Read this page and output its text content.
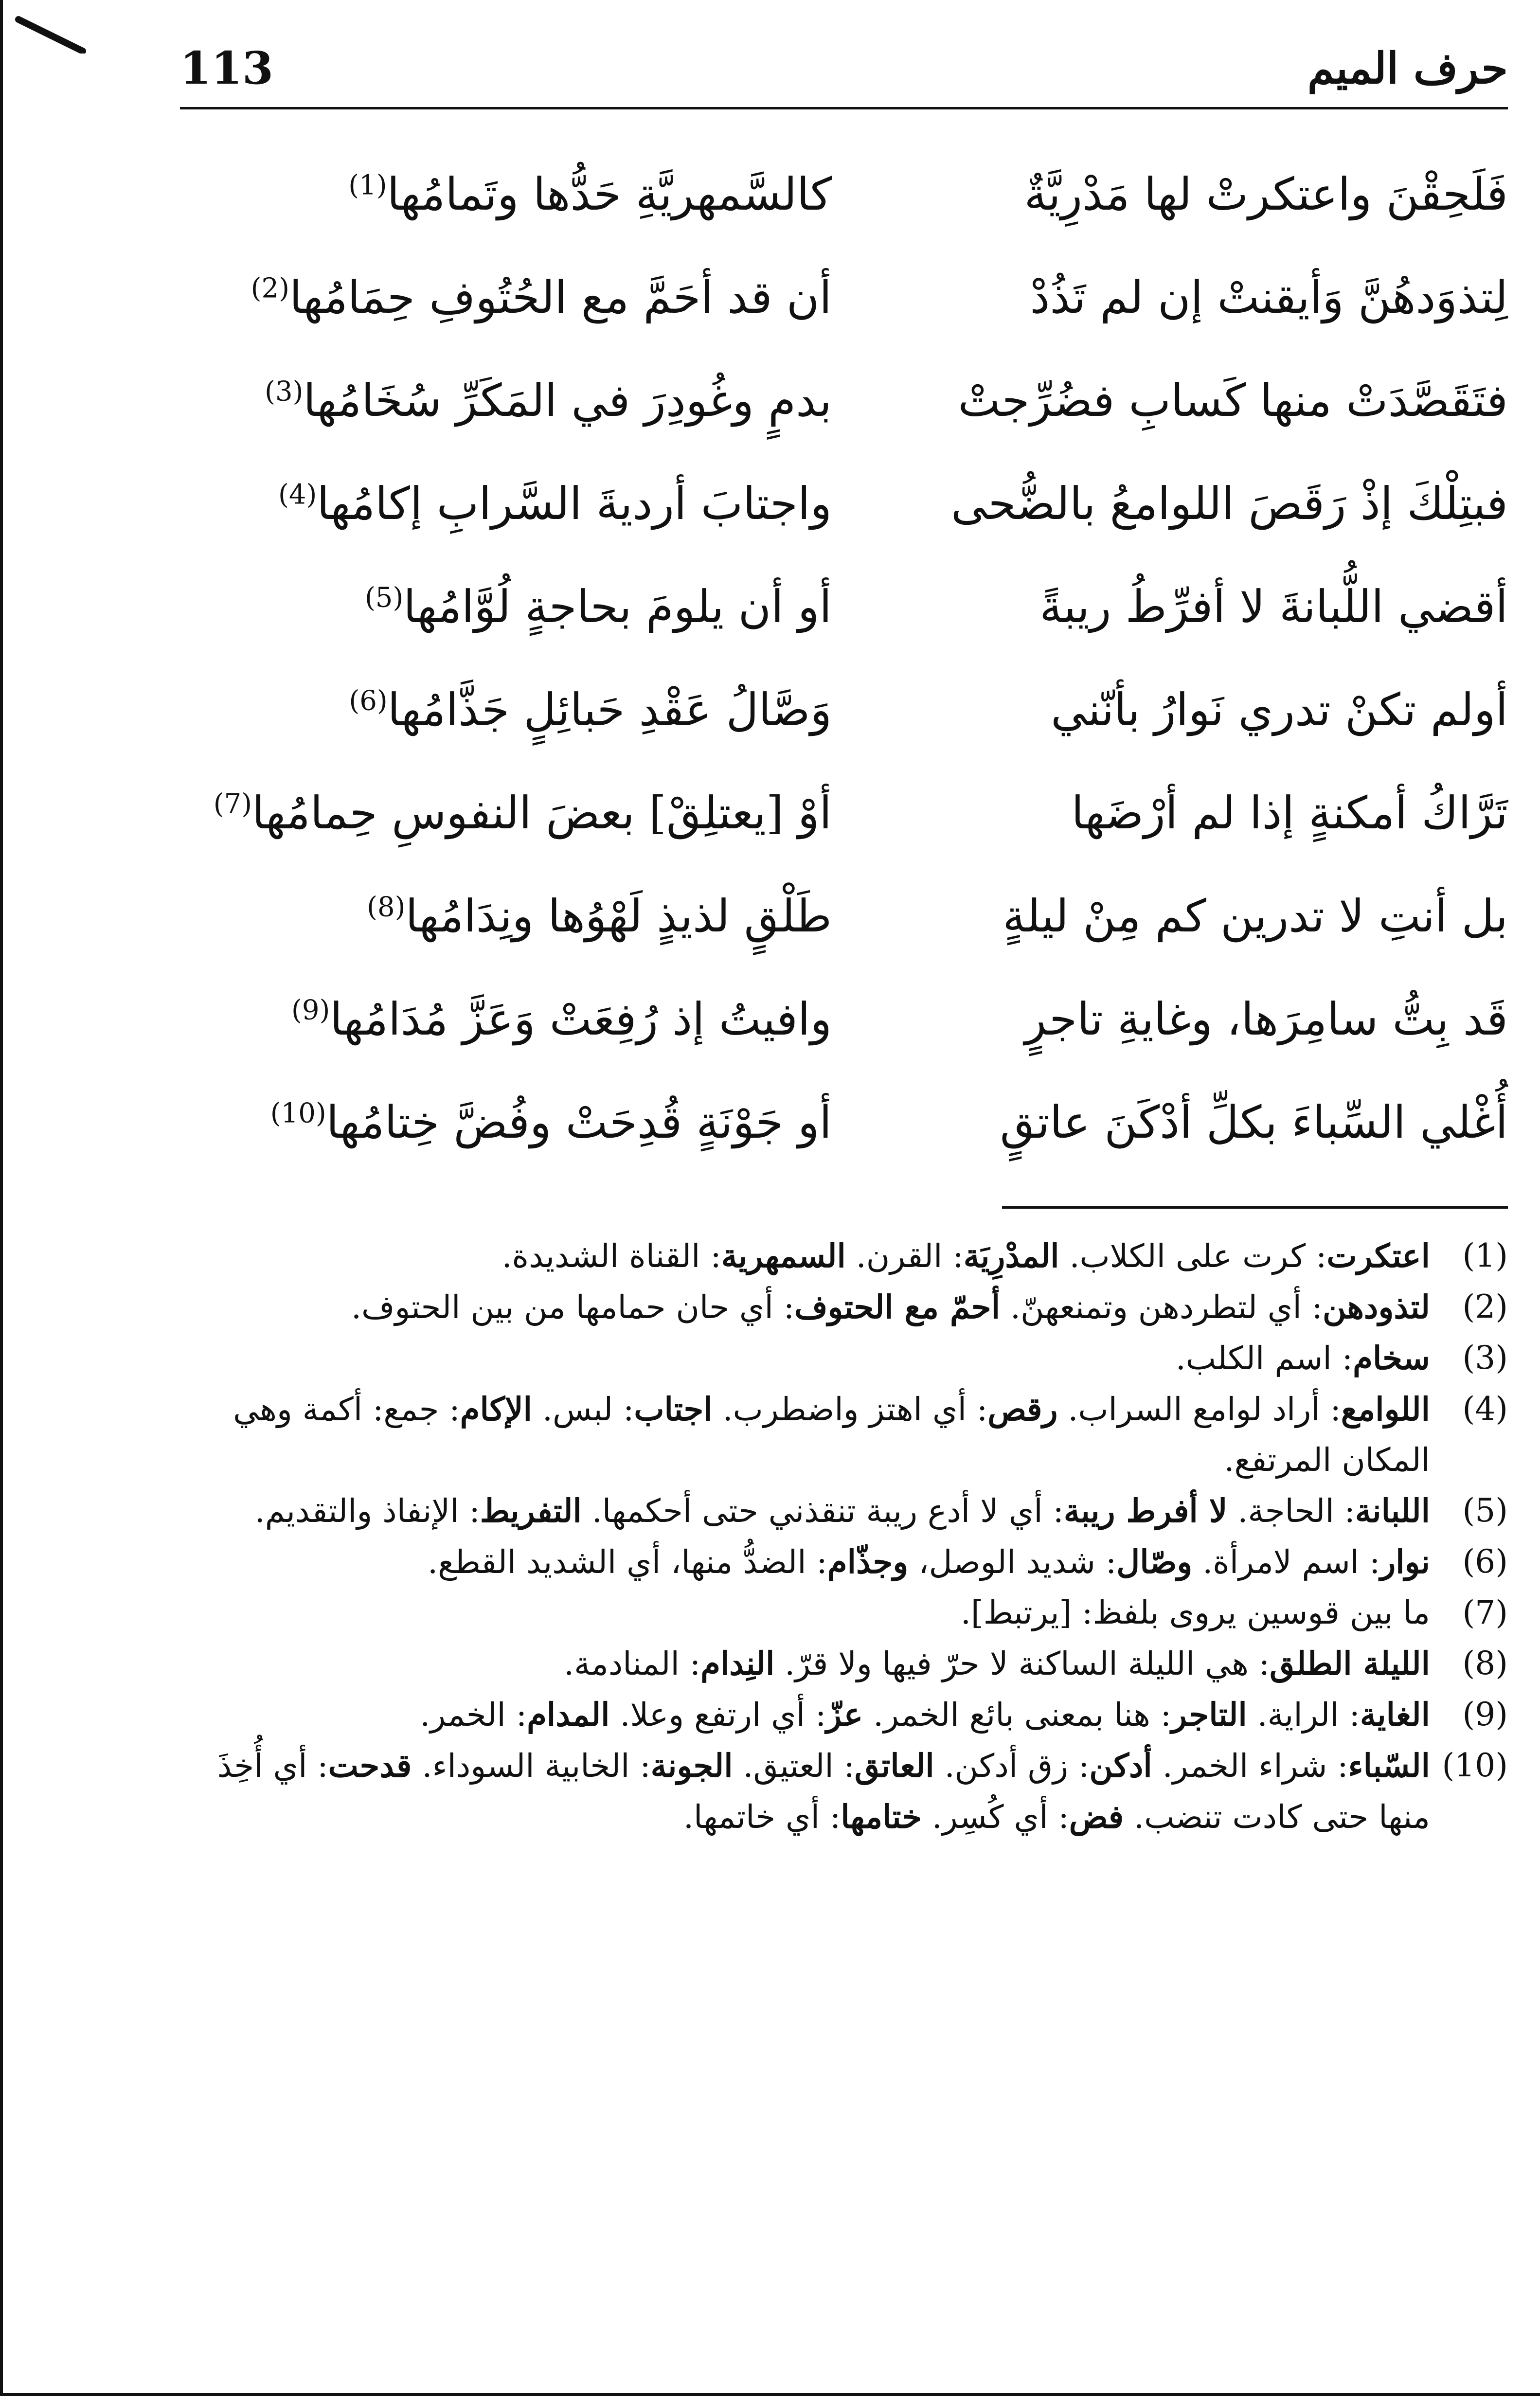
113	حرف الميم
فَلَحِقْنَ واعتكرتْ لها مَدْرِيَّةٌ
كالسَّمهريَّةِ حَدُّها وتَمامُها$^{(1)}$
لِتذوَدهُنَّ وَأيقنتْ إن لم تَذُدْ
أن قد أحَمَّ مع الحُتُوفِ حِمَامُها$^{(2)}$
فتَقَصَّدَتْ منها كَسابِ فضُرِّجتْ
بدمٍ وغُودِرَ في المَكَرِّ سُخَامُها$^{(3)}$
فبتِلْكَ إذْ رَقَصَ اللوامعُ بالضُّحى
واجتابَ أرديةَ السَّرابِ إكامُها$^{(4)}$
أقضي اللُّبانةَ لا أفرِّطُ ريبةً
أو أن يلومَ بحاجةٍ لُوَّامُها$^{(5)}$
أولم تكنْ تدري نَوارُ بأنّني
وَصَّالُ عَقْدِ حَبائِلٍ جَذَّامُها$^{(6)}$
تَرَّاكُ أمكنةٍ إذا لم أرْضَها
أوْ [يعتلِقْ] بعضَ النفوسِ حِمامُها$^{(7)}$
بل أنتِ لا تدرين كم مِنْ ليلةٍ
طَلْقٍ لذيذٍ لَهْوُها ونِدَامُها$^{(8)}$
قَد بِتُّ سامِرَها، وغايةِ تاجرٍ
وافيتُ إذ رُفِعَتْ وَعَزَّ مُدَامُها$^{(9)}$
أُغْلي السِّباءَ بكلِّ أدْكَنَ عاتقٍ
أو جَوْنَةٍ قُدِحَتْ وفُضَّ خِتامُها$^{(10)}$
(1)
اعتكرت: كرت على الكلاب. المدْرِيَة: القرن. السمهرية: القناة الشديدة.
(2)
لتذودهن: أي لتطردهن وتمنعهنّ. أحمّ مع الحتوف: أي حان حمامها من بين الحتوف.
(3)
سخام: اسم الكلب.
(4)
اللوامع: أراد لوامع السراب. رقص: أي اهتز واضطرب. اجتاب: لبس. الإكام: جمع: أكمة وهي المكان المرتفع.
(5)
اللبانة: الحاجة. لا أفرط ريبة: أي لا أدع ريبة تنقذني حتى أحكمها. التفريط: الإنفاذ والتقديم.
(6)
نوار: اسم لامرأة. وصّال: شديد الوصل، وجذّام: الضدُّ منها، أي الشديد القطع.
(7)
ما بين قوسين يروى بلفظ: [يرتبط].
(8)
الليلة الطلق: هي الليلة الساكنة لا حرّ فيها ولا قرّ. النِدام: المنادمة.
(9)
الغاية: الراية. التاجر: هنا بمعنى بائع الخمر. عزّ: أي ارتفع وعلا. المدام: الخمر.
(10)
السّباء: شراء الخمر. أدكن: زق أدكن. العاتق: العتيق. الجونة: الخابية السوداء. قدحت: أي أُخِذَ منها حتى كادت تنضب. فض: أي كُسِر. ختامها: أي خاتمها.
